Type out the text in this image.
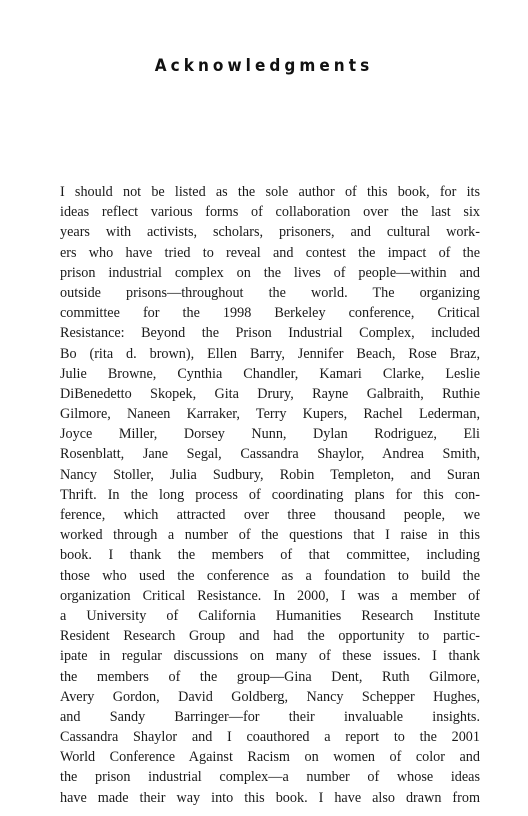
Acknowledgments
I should not be listed as the sole author of this book, for its
ideas reflect various forms of collaboration over the last six
years with activists, scholars, prisoners, and cultural work-
ers who have tried to reveal and contest the impact of the
prison industrial complex on the lives of people—within and
outside prisons—throughout the world. The organizing
committee for the 1998 Berkeley conference, Critical
Resistance: Beyond the Prison Industrial Complex, included
Bo (rita d. brown), Ellen Barry, Jennifer Beach, Rose Braz,
Julie Browne, Cynthia Chandler, Kamari Clarke, Leslie
DiBenedetto Skopek, Gita Drury, Rayne Galbraith, Ruthie
Gilmore, Naneen Karraker, Terry Kupers, Rachel Lederman,
Joyce Miller, Dorsey Nunn, Dylan Rodriguez, Eli
Rosenblatt, Jane Segal, Cassandra Shaylor, Andrea Smith,
Nancy Stoller, Julia Sudbury, Robin Templeton, and Suran
Thrift. In the long process of coordinating plans for this con-
ference, which attracted over three thousand people, we
worked through a number of the questions that I raise in this
book. I thank the members of that committee, including
those who used the conference as a foundation to build the
organization Critical Resistance. In 2000, I was a member of
a University of California Humanities Research Institute
Resident Research Group and had the opportunity to partic-
ipate in regular discussions on many of these issues. I thank
the members of the group—Gina Dent, Ruth Gilmore,
Avery Gordon, David Goldberg, Nancy Schepper Hughes,
and Sandy Barringer—for their invaluable insights.
Cassandra Shaylor and I coauthored a report to the 2001
World Conference Against Racism on women of color and
the prison industrial complex—a number of whose ideas
have made their way into this book. I have also drawn from
